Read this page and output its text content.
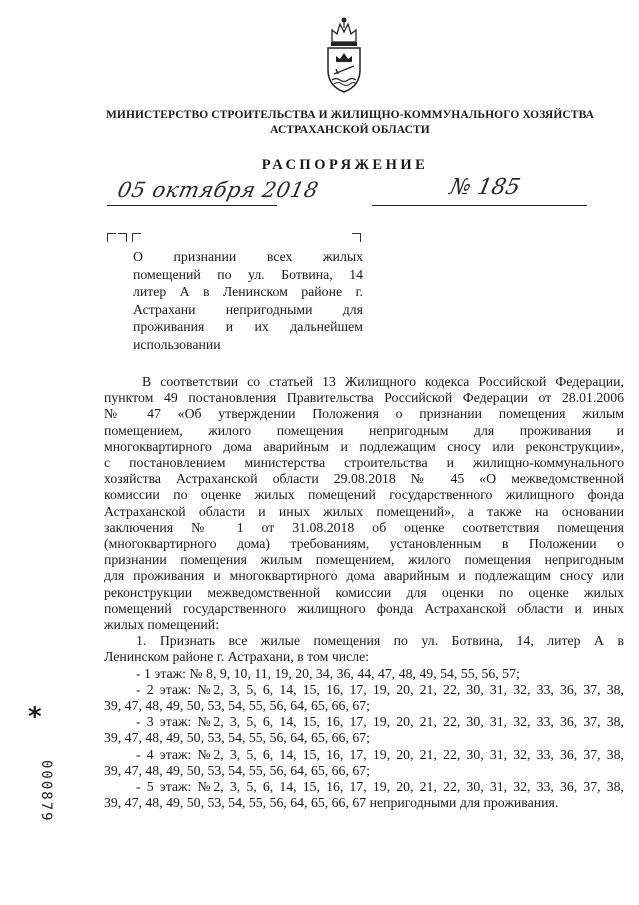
МИНИСТЕРСТВО СТРОИТЕЛЬСТВА И ЖИЛИЩНО-КОММУНАЛЬНОГО ХОЗЯЙСТВА
АСТРАХАНСКОЙ ОБЛАСТИ
РАСПОРЯЖЕНИЕ
05 октября 2018	№ 185
О признании всех жилых
помещений по ул. Ботвина, 14
литер А в Ленинском районе г.
Астрахани непригодными для
проживания и их дальнейшем
использовании
В соответствии со статьей 13 Жилищного кодекса Российской Федерации,
пунктом 49 постановления Правительства Российской Федерации от 28.01.2006
№ 47 «Об утверждении Положения о признании помещения жилым
помещением, жилого помещения непригодным для проживания и
многоквартирного дома аварийным и подлежащим сносу или реконструкции»,
с постановлением министерства строительства и жилищно-коммунального
хозяйства Астраханской области 29.08.2018 № 45 «О межведомственной
комиссии по оценке жилых помещений государственного жилищного фонда
Астраханской области и иных жилых помещений», а также на основании
заключения № 1 от 31.08.2018 об оценке соответствия помещения
(многоквартирного дома) требованиям, установленным в Положении о
признании помещения жилым помещением, жилого помещения непригодным
для проживания и многоквартирного дома аварийным и подлежащим сносу или
реконструкции межведомственной комиссии для оценки по оценке жилых
помещений государственного жилищного фонда Астраханской области и иных
жилых помещений:
1. Признать все жилые помещения по ул. Ботвина, 14, литер А в
Ленинском районе г. Астрахани, в том числе:
- 1 этаж: № 8, 9, 10, 11, 19, 20, 34, 36, 44, 47, 48, 49, 54, 55, 56, 57;
- 2 этаж: №2, 3, 5, 6, 14, 15, 16, 17, 19, 20, 21, 22, 30, 31, 32, 33, 36, 37, 38,
39, 47, 48, 49, 50, 53, 54, 55, 56, 64, 65, 66, 67;
- 3 этаж: №2, 3, 5, 6, 14, 15, 16, 17, 19, 20, 21, 22, 30, 31, 32, 33, 36, 37, 38,
39, 47, 48, 49, 50, 53, 54, 55, 56, 64, 65, 66, 67;
- 4 этаж: №2, 3, 5, 6, 14, 15, 16, 17, 19, 20, 21, 22, 30, 31, 32, 33, 36, 37, 38,
39, 47, 48, 49, 50, 53, 54, 55, 56, 64, 65, 66, 67;
- 5 этаж: №2, 3, 5, 6, 14, 15, 16, 17, 19, 20, 21, 22, 30, 31, 32, 33, 36, 37, 38,
39, 47, 48, 49, 50, 53, 54, 55, 56, 64, 65, 66, 67 непригодными для проживания.
*
000879
